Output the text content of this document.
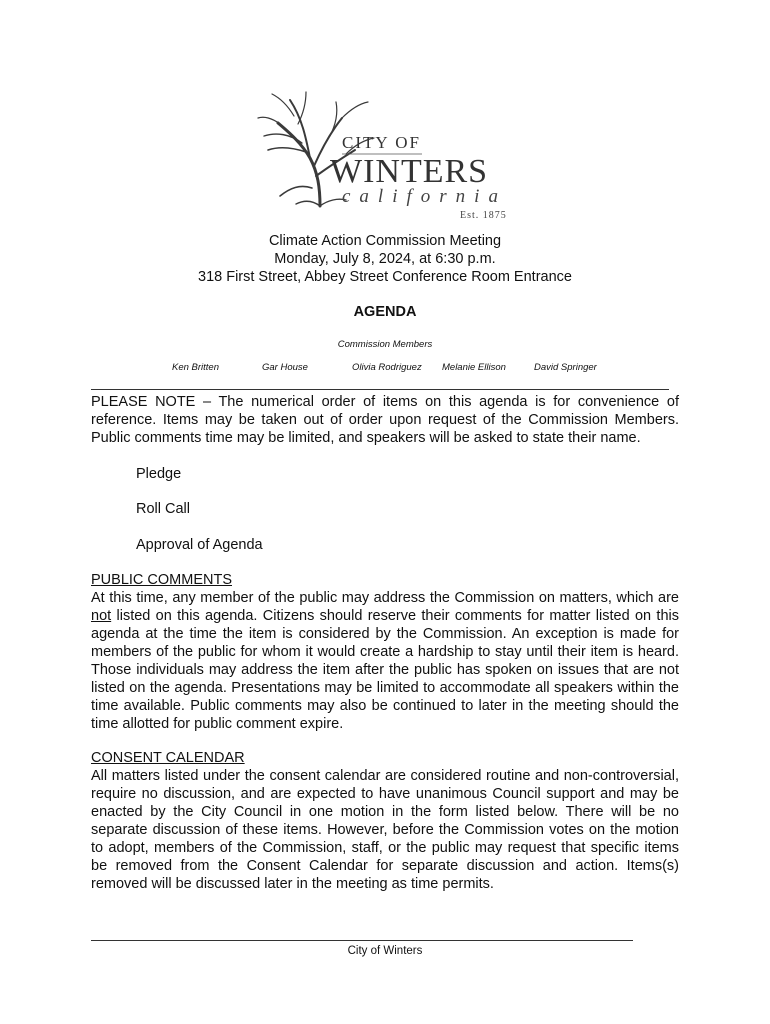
CITY OF
WINTERS
california
Est. 1875
Climate Action Commission Meeting
Monday, July 8, 2024, at 6:30 p.m.
318 First Street, Abbey Street Conference Room Entrance
AGENDA
Commission Members
Ken Britten	Gar House	Olivia Rodriguez Melanie Ellison	David Springer
PLEASE NOTE – The numerical order of items on this agenda is for convenience of reference. Items may be taken out of order upon request of the Commission Members. Public comments time may be limited, and speakers will be asked to state their name.
Pledge
Roll Call
Approval of Agenda
PUBLIC COMMENTS
At this time, any member of the public may address the Commission on matters, which are not listed on this agenda. Citizens should reserve their comments for matter listed on this agenda at the time the item is considered by the Commission. An exception is made for members of the public for whom it would create a hardship to stay until their item is heard. Those individuals may address the item after the public has spoken on issues that are not listed on the agenda. Presentations may be limited to accommodate all speakers within the time available. Public comments may also be continued to later in the meeting should the time allotted for public comment expire.
CONSENT CALENDAR
All matters listed under the consent calendar are considered routine and non-controversial, require no discussion, and are expected to have unanimous Council support and may be enacted by the City Council in one motion in the form listed below. There will be no separate discussion of these items. However, before the Commission votes on the motion to adopt, members of the Commission, staff, or the public may request that specific items be removed from the Consent Calendar for separate discussion and action. Items(s) removed will be discussed later in the meeting as time permits.
City of Winters
